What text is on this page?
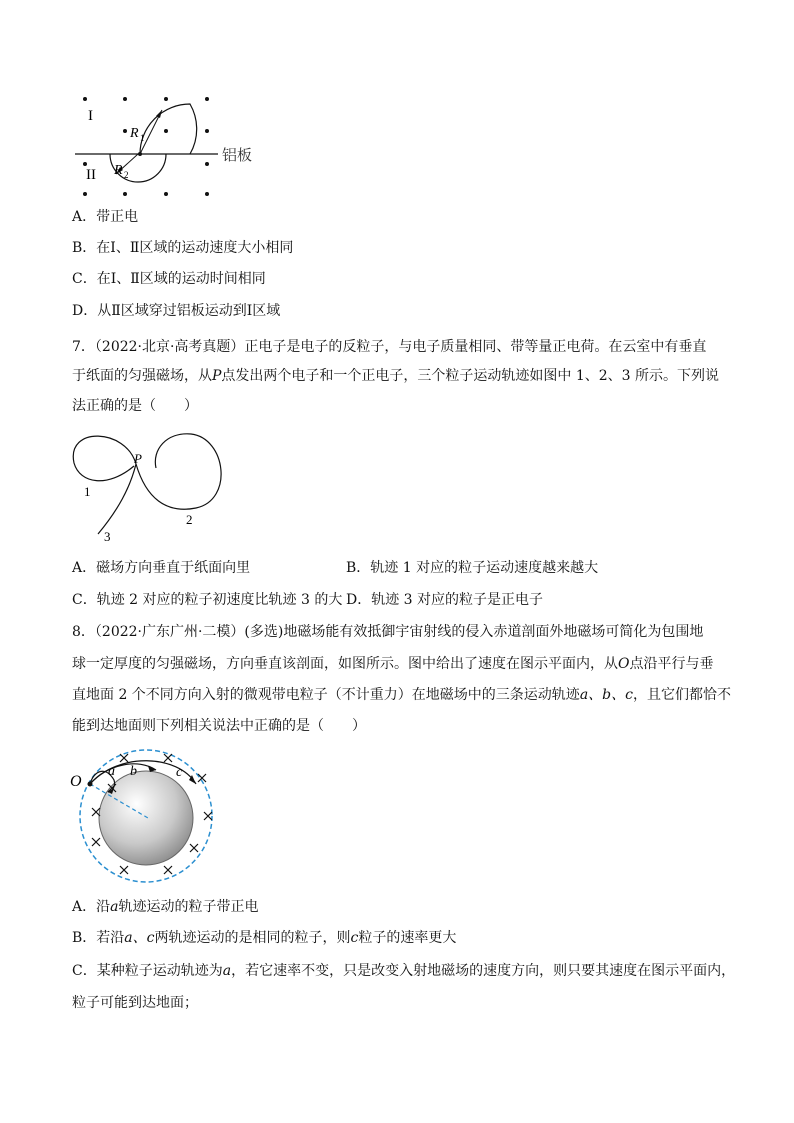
I
II
R 1
R 2
铝板
A．带正电
B．在Ⅰ、Ⅱ区域的运动速度大小相同
C．在Ⅰ、Ⅱ区域的运动时间相同
D．从Ⅱ区域穿过铝板运动到Ⅰ区域
7．（2022·北京·高考真题）正电子是电子的反粒子，与电子质量相同、带等量正电荷。在云室中有垂直
于纸面的匀强磁场，从P点发出两个电子和一个正电子，三个粒子运动轨迹如图中 1、2、3 所示。下列说
法正确的是（　　）
P
1
2
3
A．磁场方向垂直于纸面向里	B．轨迹 1 对应的粒子运动速度越来越大
C．轨迹 2 对应的粒子初速度比轨迹 3 的大 D．轨迹 3 对应的粒子是正电子
8．（2022·广东广州·二模）(多选)地磁场能有效抵御宇宙射线的侵入赤道剖面外地磁场可简化为包围地
球一定厚度的匀强磁场，方向垂直该剖面，如图所示。图中给出了速度在图示平面内，从O点沿平行与垂
直地面 2 个不同方向入射的微观带电粒子（不计重力）在地磁场中的三条运动轨迹a、b、c，且它们都恰不
能到达地面则下列相关说法中正确的是（　　）
O
a b	c
A．沿a轨迹运动的粒子带正电
B．若沿a、c两轨迹运动的是相同的粒子，则c粒子的速率更大
C．某种粒子运动轨迹为a，若它速率不变，只是改变入射地磁场的速度方向，则只要其速度在图示平面内，
粒子可能到达地面；
